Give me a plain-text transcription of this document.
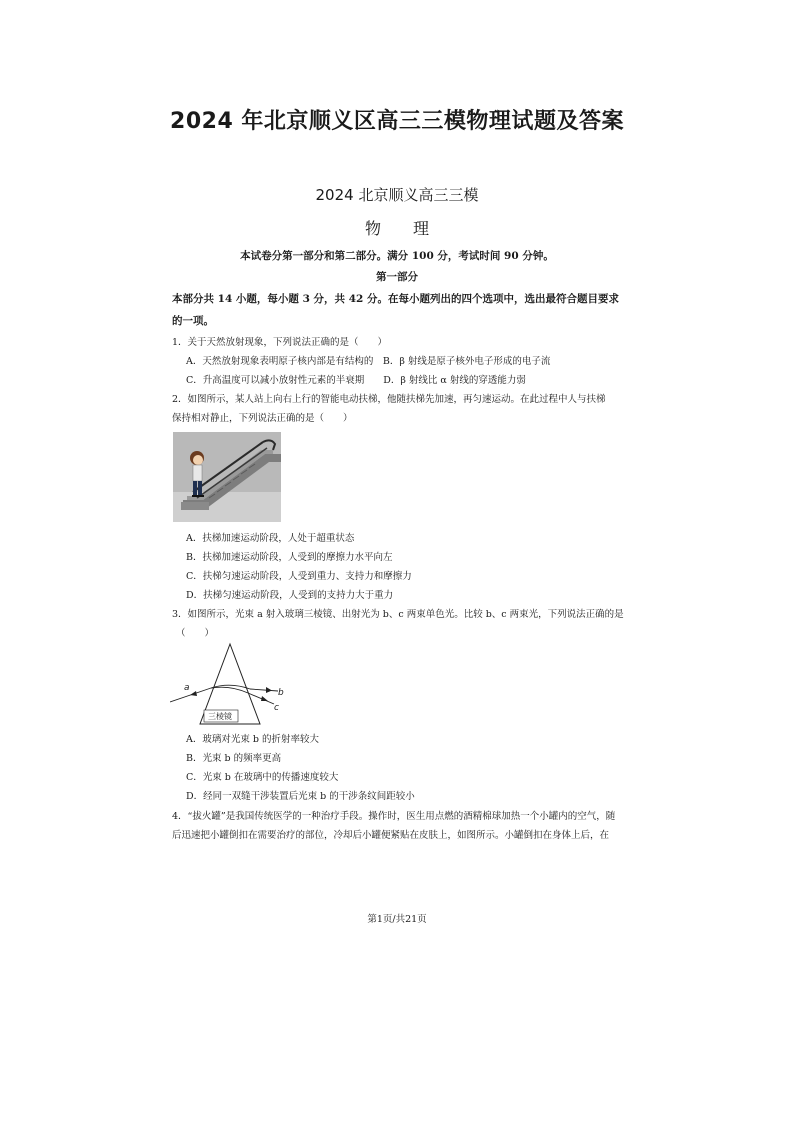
2024 年北京顺义区高三三模物理试题及答案
2024 北京顺义高三三模
物　　理
本试卷分第一部分和第二部分。满分 100 分，考试时间 90 分钟。
第一部分
本部分共 14 小题，每小题 3 分，共 42 分。在每小题列出的四个选项中，选出最符合题目要求的一项。
1．关于天然放射现象，下列说法正确的是（　　）
A．天然放射现象表明原子核内部是有结构的　B．β 射线是原子核外电子形成的电子流
C．升高温度可以减小放射性元素的半衰期　　D．β 射线比 α 射线的穿透能力弱
2．如图所示，某人站上向右上行的智能电动扶梯，他随扶梯先加速，再匀速运动。在此过程中人与扶梯
保持相对静止，下列说法正确的是（　　）
A．扶梯加速运动阶段，人处于超重状态
B．扶梯加速运动阶段，人受到的摩擦力水平向左
C．扶梯匀速运动阶段，人受到重力、支持力和摩擦力
D．扶梯匀速运动阶段，人受到的支持力大于重力
3．如图所示，光束 a 射入玻璃三棱镜、出射光为 b、c 两束单色光。比较 b、c 两束光，下列说法正确的是
（　　）
a	b
c
三棱镜
A．玻璃对光束 b 的折射率较大
B．光束 b 的频率更高
C．光束 b 在玻璃中的传播速度较大
D．经同一双缝干涉装置后光束 b 的干涉条纹间距较小
4．“拔火罐”是我国传统医学的一种治疗手段。操作时，医生用点燃的酒精棉球加热一个小罐内的空气，随
后迅速把小罐倒扣在需要治疗的部位，冷却后小罐便紧贴在皮肤上，如图所示。小罐倒扣在身体上后，在
第1页/共21页
